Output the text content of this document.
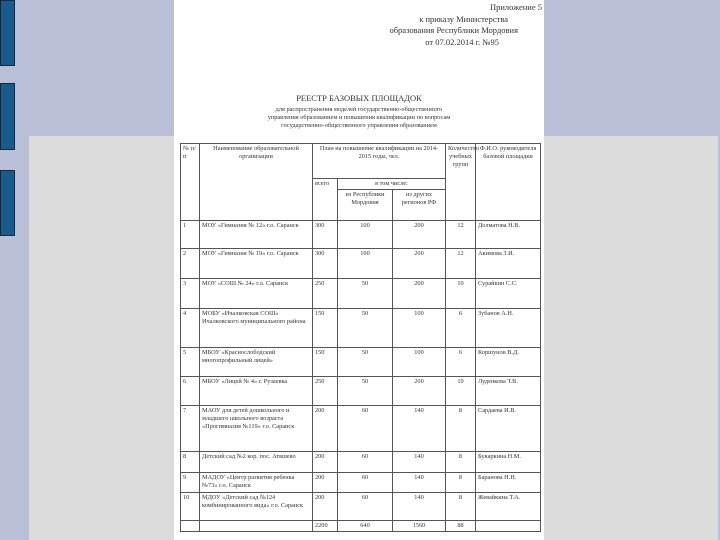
Приложение 5
к приказу Министерства
образования Республики Мордовия
от 07.02.2014 г. №95
РЕЕСТР БАЗОВЫХ ПЛОЩАДОК
для распространения моделей государственно-общественного
управления образованием и повышения квалификации по вопросам
государственно-общественного управления образованием
№ п/п	Наименование образовательной организации	План на повышение квалификации на 2014-2015 годы, чел.			Количество учебных групп	Ф.И.О. руководителя базовой площадки
		всего	в том числе:			
			из Республики Мордовия	из других регионов РФ		
1	МОУ «Гимназия № 12» г.о. Саранск	300	100	200	12	Долматова Н.В.
2	МОУ «Гимназия № 19» г.о. Саранск	300	100	200	12	Акимова З.И.
3	МОУ «СОШ № 24» г.о. Саранск	250	50	200	10	Сурайкин С.С.
4	МОБУ «Ичалковская СОШ» Ичалковского муниципального района	150	50	100	6	Зубанов А.Н.
5	МБОУ «Краснослободский многопрофильный лицей»	150	50	100	6	Коршунов В.Д.
6	МБОУ «Лицей № 4» г. Рузаевка	250	50	200	10	Луденкова Т.В.
7	МАОУ для детей дошкольного и младшего школьного возраста «Прогимназия №119» г.о. Саранск	200	60	140	8	Сардаева И.В.
8	Детский сад №2 кор. пос. Атяшево	200	60	140	8	Букаркина Н.М.
9	МАДОУ «Центр развития ребенка №73» г.о. Саранск	200	60	140	8	Баранова Н.Н.
10	МДОУ «Детский сад №124 комбинированного вида» г.о. Саранск	200	60	140	8	Жевайкина Т.А.
		2200	640	1560	88	
